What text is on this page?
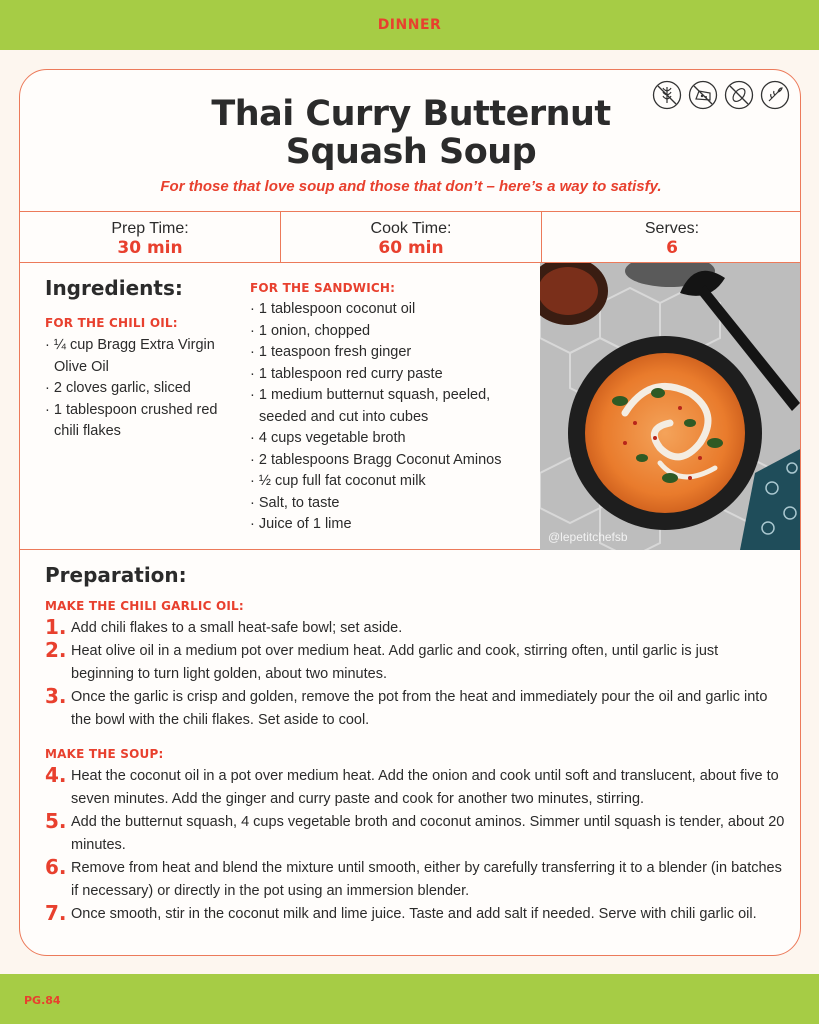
DINNER
Thai Curry Butternut
Squash Soup
For those that love soup and those that don’t – here’s a way to satisfy.
Prep Time:
30 min
Cook Time:
60 min
Serves:
6
Ingredients:
FOR THE CHILI OIL:
· ¼ cup Bragg Extra Virgin Olive Oil
· 2 cloves garlic, sliced
· 1 tablespoon crushed red chili flakes
FOR THE SANDWICH:
· 1 tablespoon coconut oil
· 1 onion, chopped
· 1 teaspoon fresh ginger
· 1 tablespoon red curry paste
· 1 medium butternut squash, peeled, seeded and cut into cubes
· 4 cups vegetable broth
· 2 tablespoons Bragg Coconut Aminos
· ½ cup full fat coconut milk
· Salt, to taste
· Juice of 1 lime
@lepetitchefsb
Preparation:
MAKE THE CHILI GARLIC OIL:
1. Add chili flakes to a small heat-safe bowl; set aside.
2. Heat olive oil in a medium pot over medium heat. Add garlic and cook, stirring often, until garlic is just beginning to turn light golden, about two minutes.
3. Once the garlic is crisp and golden, remove the pot from the heat and immediately pour the oil and garlic into the bowl with the chili flakes. Set aside to cool.
MAKE THE SOUP:
4. Heat the coconut oil in a pot over medium heat. Add the onion and cook until soft and translucent, about five to seven minutes. Add the ginger and curry paste and cook for another two minutes, stirring.
5. Add the butternut squash, 4 cups vegetable broth and coconut aminos. Simmer until squash is tender, about 20 minutes.
6. Remove from heat and blend the mixture until smooth, either by carefully transferring it to a blender (in batches if necessary) or directly in the pot using an immersion blender.
7. Once smooth, stir in the coconut milk and lime juice. Taste and add salt if needed. Serve with chili garlic oil.
PG.84
